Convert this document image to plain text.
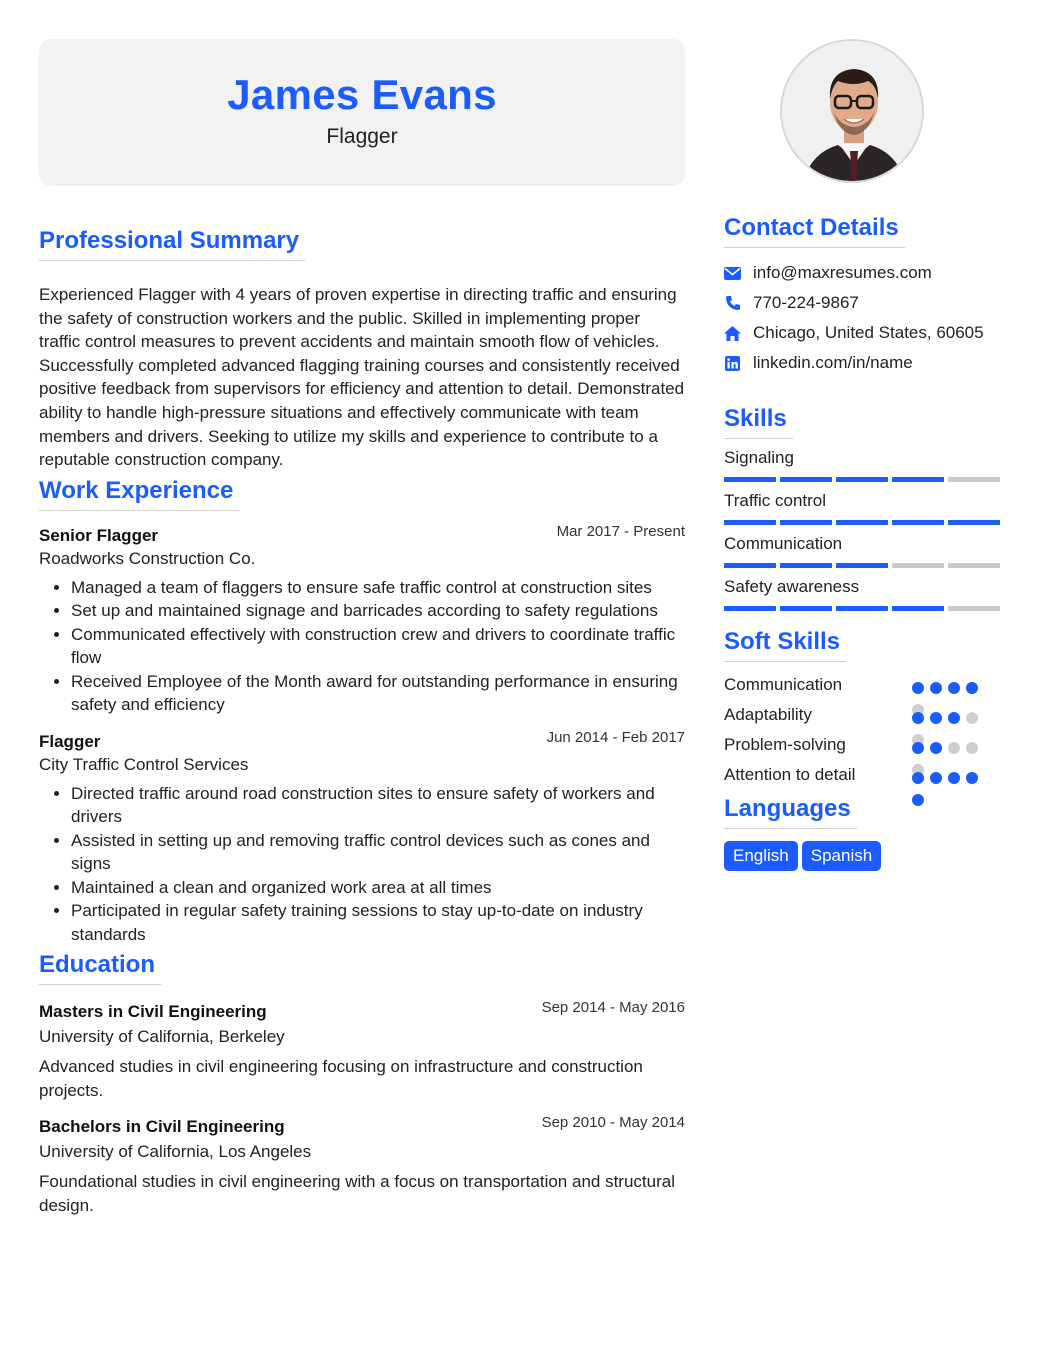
James Evans
Flagger
Professional Summary

Experienced Flagger with 4 years of proven expertise in directing traffic and ensuring the safety of construction workers and the public. Skilled in implementing proper traffic control measures to prevent accidents and maintain smooth flow of vehicles. Successfully completed advanced flagging training courses and consistently received positive feedback from supervisors for efficiency and attention to detail. Demonstrated ability to handle high-pressure situations and effectively communicate with team members and drivers. Seeking to utilize my skills and experience to contribute to a reputable construction company.

Work Experience
Senior Flagger	Mar 2017 - Present
Roadworks Construction Co.
• Managed a team of flaggers to ensure safe traffic control at construction sites
• Set up and maintained signage and barricades according to safety regulations
• Communicated effectively with construction crew and drivers to coordinate traffic flow
• Received Employee of the Month award for outstanding performance in ensuring safety and efficiency
Flagger	Jun 2014 - Feb 2017
City Traffic Control Services
• Directed traffic around road construction sites to ensure safety of workers and drivers
• Assisted in setting up and removing traffic control devices such as cones and signs
• Maintained a clean and organized work area at all times
• Participated in regular safety training sessions to stay up-to-date on industry standards
Education
Masters in Civil Engineering	Sep 2014 - May 2016
University of California, Berkeley
Advanced studies in civil engineering focusing on infrastructure and construction projects.
Bachelors in Civil Engineering	Sep 2010 - May 2014
University of California, Los Angeles
Foundational studies in civil engineering with a focus on transportation and structural design.
Contact Details
info@maxresumes.com
770-224-9867
Chicago, United States, 60605
linkedin.com/in/name
Skills
Signaling
Traffic control
Communication
Safety awareness
Soft Skills
Communication
Adaptability
Problem-solving
Attention to detail
Languages
English Spanish
